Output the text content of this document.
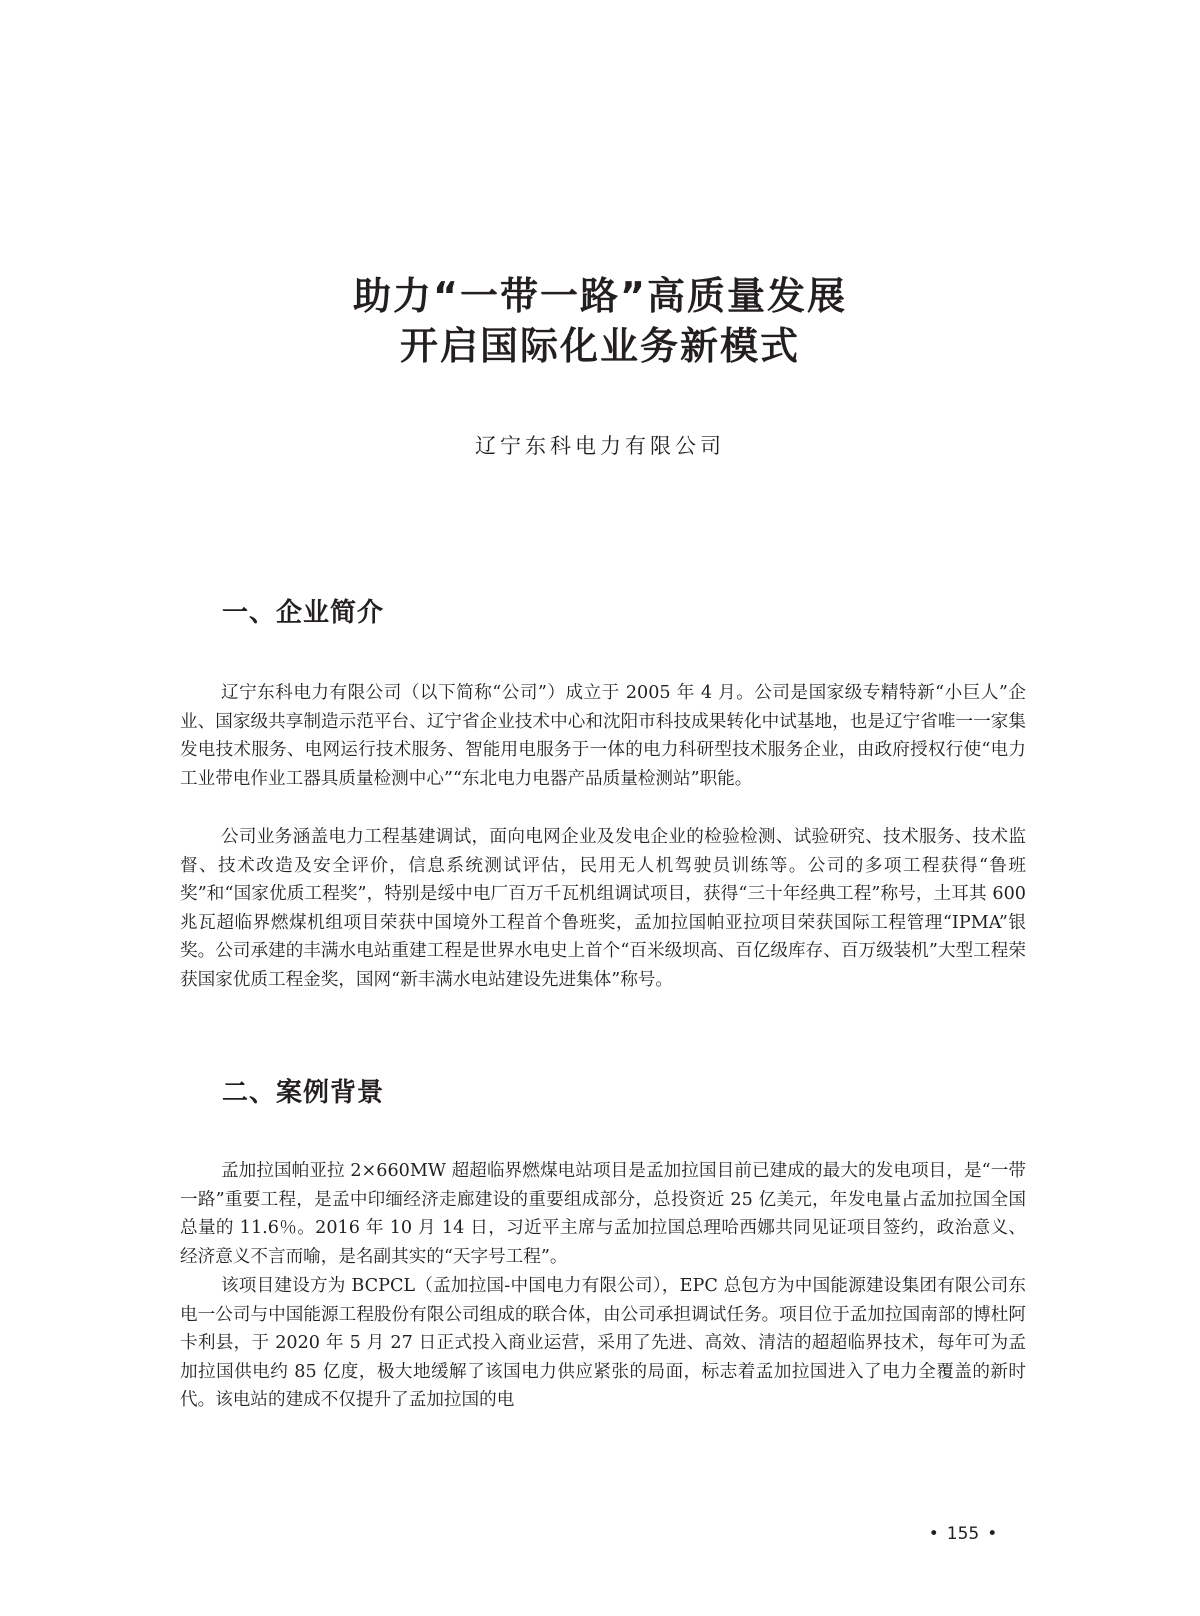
助力“一带一路”高质量发展
开启国际化业务新模式

辽宁东科电力有限公司

一、企业简介

辽宁东科电力有限公司（以下简称“公司”）成立于 2005 年 4 月。公司是国家级专精特新“小巨人”企业、国家级共享制造示范平台、辽宁省企业技术中心和沈阳市科技成果转化中试基地，也是辽宁省唯一一家集发电技术服务、电网运行技术服务、智能用电服务于一体的电力科研型技术服务企业，由政府授权行使“电力工业带电作业工器具质量检测中心”“东北电力电器产品质量检测站”职能。

公司业务涵盖电力工程基建调试，面向电网企业及发电企业的检验检测、试验研究、技术服务、技术监督、技术改造及安全评价，信息系统测试评估，民用无人机驾驶员训练等。公司的多项工程获得“鲁班奖”和“国家优质工程奖”，特别是绥中电厂百万千瓦机组调试项目，获得“三十年经典工程”称号，土耳其 600 兆瓦超临界燃煤机组项目荣获中国境外工程首个鲁班奖，孟加拉国帕亚拉项目荣获国际工程管理“IPMA”银奖。公司承建的丰满水电站重建工程是世界水电史上首个“百米级坝高、百亿级库存、百万级装机”大型工程荣获国家优质工程金奖，国网“新丰满水电站建设先进集体”称号。

二、案例背景

孟加拉国帕亚拉 2×660MW 超超临界燃煤电站项目是孟加拉国目前已建成的最大的发电项目，是“一带一路”重要工程，是孟中印缅经济走廊建设的重要组成部分，总投资近 25 亿美元，年发电量占孟加拉国全国总量的 11.6％。2016 年 10 月 14 日，习近平主席与孟加拉国总理哈西娜共同见证项目签约，政治意义、经济意义不言而喻，是名副其实的“天字号工程”。

该项目建设方为 BCPCL（孟加拉国-中国电力有限公司），EPC 总包方为中国能源建设集团有限公司东电一公司与中国能源工程股份有限公司组成的联合体，由公司承担调试任务。项目位于孟加拉国南部的博杜阿卡利县，于 2020 年 5 月 27 日正式投入商业运营，采用了先进、高效、清洁的超超临界技术，每年可为孟加拉国供电约 85 亿度，极大地缓解了该国电力供应紧张的局面，标志着孟加拉国进入了电力全覆盖的新时代。该电站的建成不仅提升了孟加拉国的电

• 155 •
